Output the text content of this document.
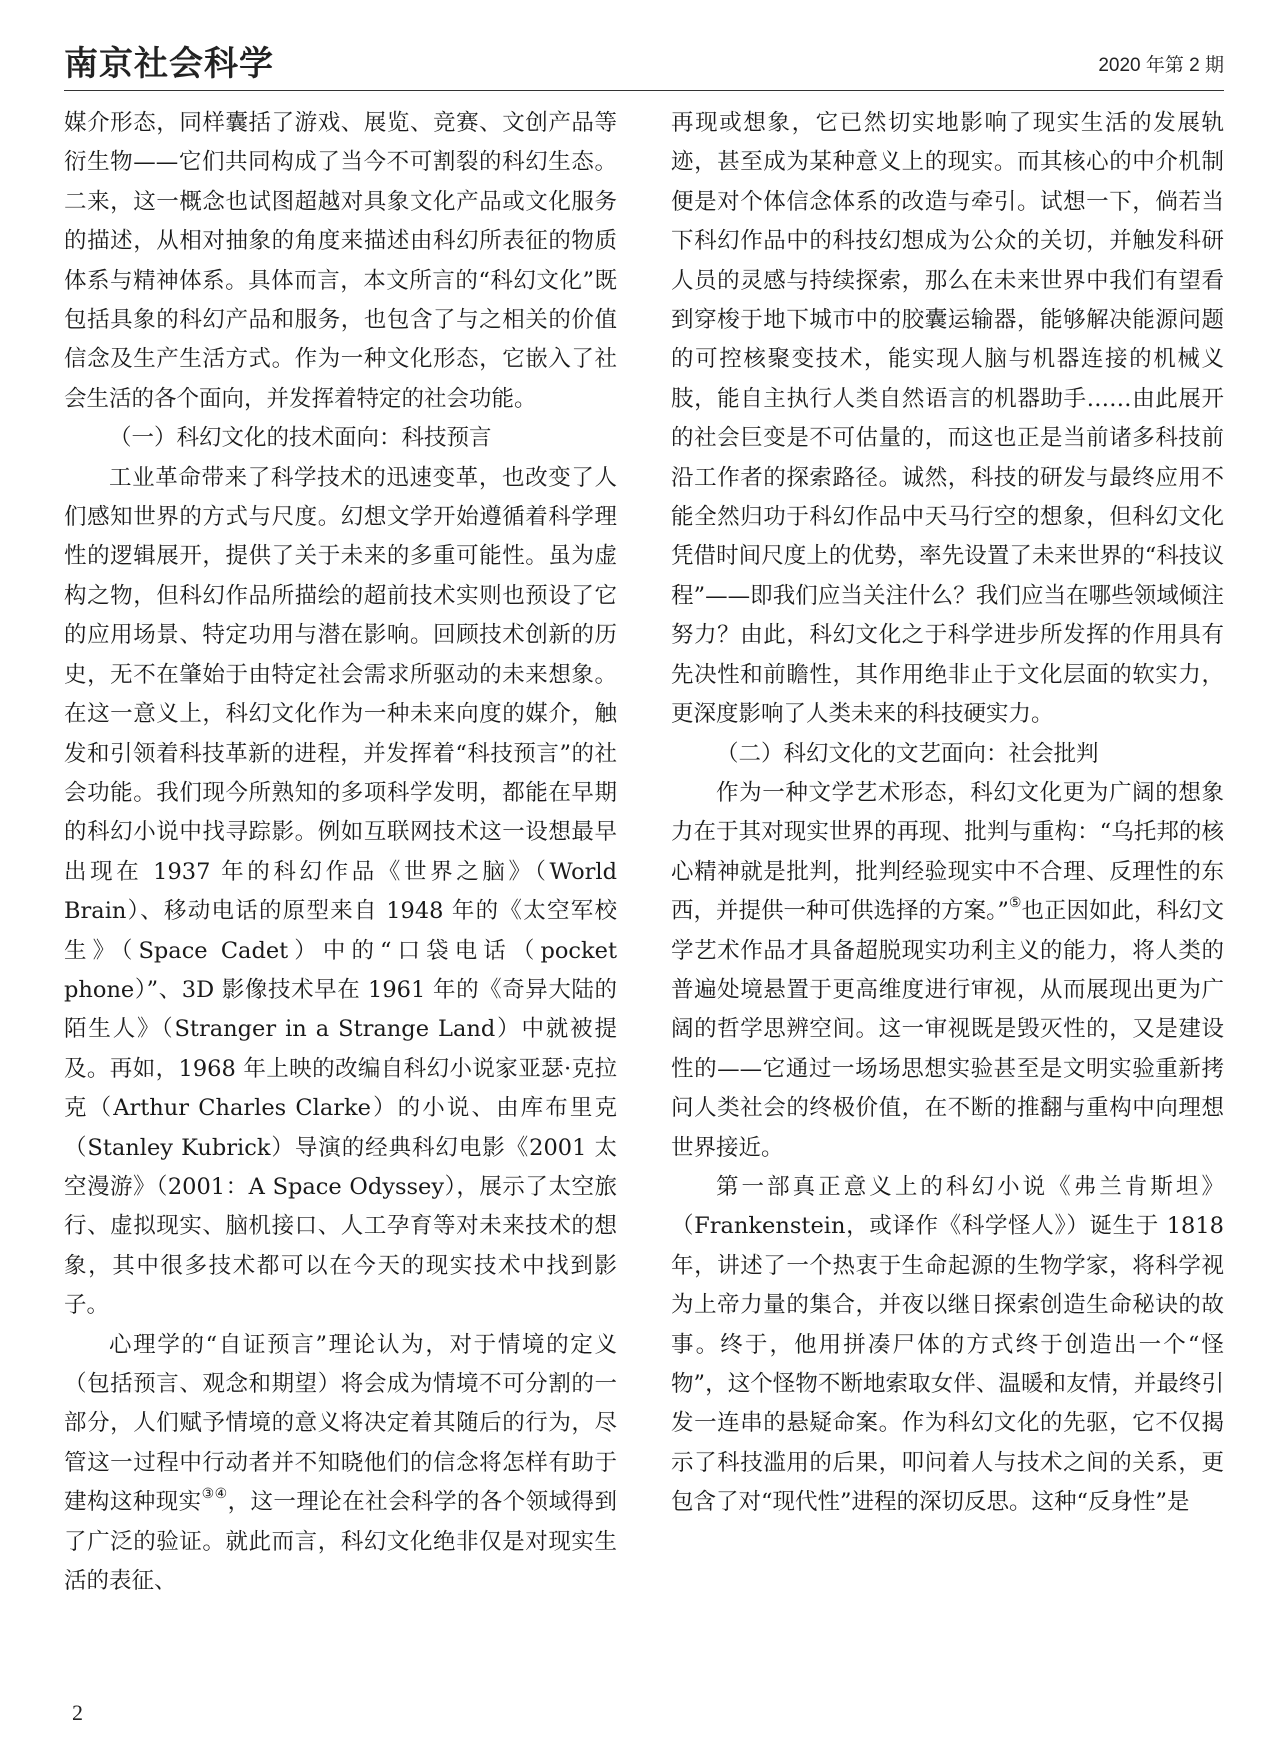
南京社会科学	2020 年第 2 期

媒介形态，同样囊括了游戏、展览、竞赛、文创产品等衍生物——它们共同构成了当今不可割裂的科幻生态。二来，这一概念也试图超越对具象文化产品或文化服务的描述，从相对抽象的角度来描述由科幻所表征的物质体系与精神体系。具体而言，本文所言的“科幻文化”既包括具象的科幻产品和服务，也包含了与之相关的价值信念及生产生活方式。作为一种文化形态，它嵌入了社会生活的各个面向，并发挥着特定的社会功能。

（一）科幻文化的技术面向：科技预言

工业革命带来了科学技术的迅速变革，也改变了人们感知世界的方式与尺度。幻想文学开始遵循着科学理性的逻辑展开，提供了关于未来的多重可能性。虽为虚构之物，但科幻作品所描绘的超前技术实则也预设了它的应用场景、特定功用与潜在影响。回顾技术创新的历史，无不在肇始于由特定社会需求所驱动的未来想象。在这一意义上，科幻文化作为一种未来向度的媒介，触发和引领着科技革新的进程，并发挥着“科技预言”的社会功能。我们现今所熟知的多项科学发明，都能在早期的科幻小说中找寻踪影。例如互联网技术这一设想最早出现在 1937 年的科幻作品《世界之脑》（World Brain）、移动电话的原型来自 1948 年的《太空军校生》（Space Cadet）中的“口袋电话（pocket phone）”、3D 影像技术早在 1961 年的《奇异大陆的陌生人》（Stranger in a Strange Land）中就被提及。再如，1968 年上映的改编自科幻小说家亚瑟·克拉克（Arthur Charles Clarke）的小说、由库布里克（Stanley Kubrick）导演的经典科幻电影《2001 太空漫游》（2001：A Space Odyssey），展示了太空旅行、虚拟现实、脑机接口、人工孕育等对未来技术的想象，其中很多技术都可以在今天的现实技术中找到影子。

心理学的“自证预言”理论认为，对于情境的定义（包括预言、观念和期望）将会成为情境不可分割的一部分，人们赋予情境的意义将决定着其随后的行为，尽管这一过程中行动者并不知晓他们的信念将怎样有助于建构这种现实③④，这一理论在社会科学的各个领域得到了广泛的验证。就此而言，科幻文化绝非仅是对现实生活的表征、

再现或想象，它已然切实地影响了现实生活的发展轨迹，甚至成为某种意义上的现实。而其核心的中介机制便是对个体信念体系的改造与牵引。试想一下，倘若当下科幻作品中的科技幻想成为公众的关切，并触发科研人员的灵感与持续探索，那么在未来世界中我们有望看到穿梭于地下城市中的胶囊运输器，能够解决能源问题的可控核聚变技术，能实现人脑与机器连接的机械义肢，能自主执行人类自然语言的机器助手……由此展开的社会巨变是不可估量的，而这也正是当前诸多科技前沿工作者的探索路径。诚然，科技的研发与最终应用不能全然归功于科幻作品中天马行空的想象，但科幻文化凭借时间尺度上的优势，率先设置了未来世界的“科技议程”——即我们应当关注什么？我们应当在哪些领域倾注努力？由此，科幻文化之于科学进步所发挥的作用具有先决性和前瞻性，其作用绝非止于文化层面的软实力，更深度影响了人类未来的科技硬实力。

（二）科幻文化的文艺面向：社会批判

作为一种文学艺术形态，科幻文化更为广阔的想象力在于其对现实世界的再现、批判与重构：“乌托邦的核心精神就是批判，批判经验现实中不合理、反理性的东西，并提供一种可供选择的方案。”⑤也正因如此，科幻文学艺术作品才具备超脱现实功利主义的能力，将人类的普遍处境悬置于更高维度进行审视，从而展现出更为广阔的哲学思辨空间。这一审视既是毁灭性的，又是建设性的——它通过一场场思想实验甚至是文明实验重新拷问人类社会的终极价值，在不断的推翻与重构中向理想世界接近。

第一部真正意义上的科幻小说《弗兰肯斯坦》（Frankenstein，或译作《科学怪人》）诞生于 1818 年，讲述了一个热衷于生命起源的生物学家，将科学视为上帝力量的集合，并夜以继日探索创造生命秘诀的故事。终于，他用拼凑尸体的方式终于创造出一个“怪物”，这个怪物不断地索取女伴、温暖和友情，并最终引发一连串的悬疑命案。作为科幻文化的先驱，它不仅揭示了科技滥用的后果，叩问着人与技术之间的关系，更包含了对“现代性”进程的深切反思。这种“反身性”是

2
